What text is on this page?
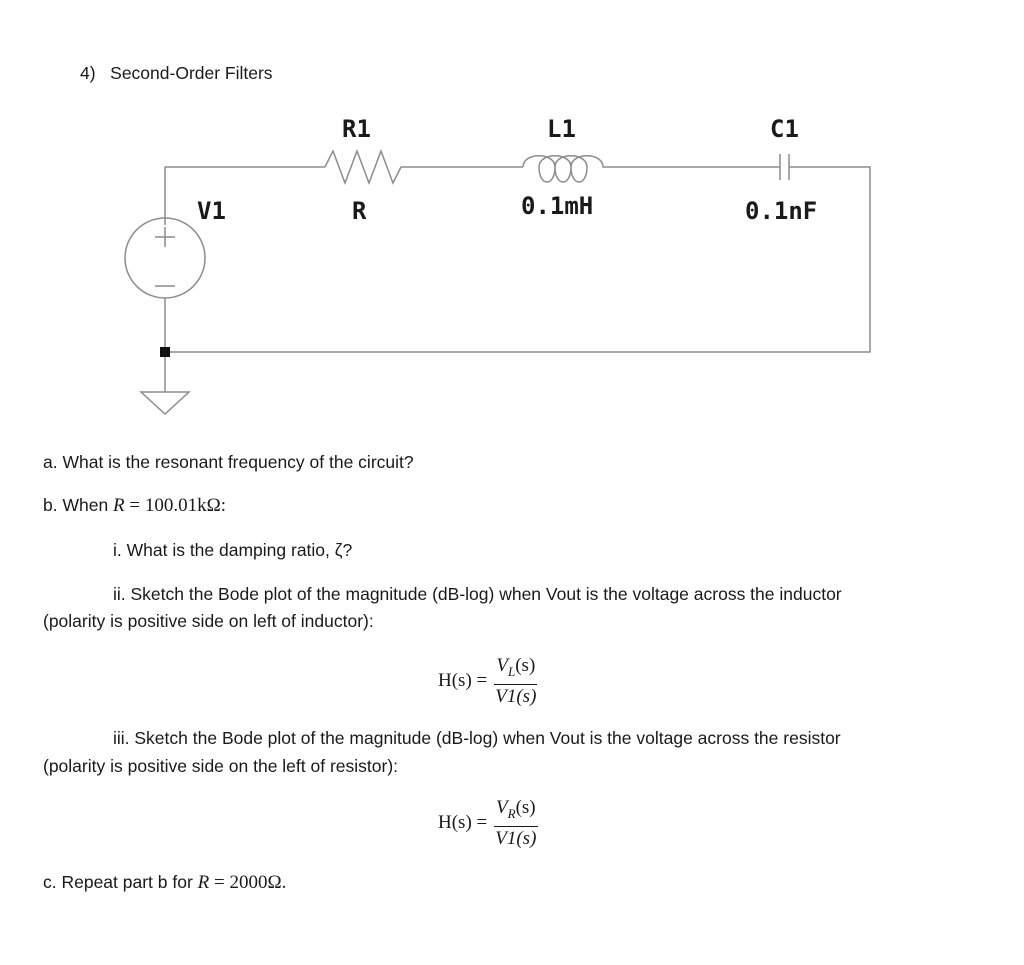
4)   Second-Order Filters
V1
R1
R
L1
0.1mH
C1
0.1nF
a. What is the resonant frequency of the circuit?
b. When R = 100.01kΩ:
i. What is the damping ratio, ζ?
ii. Sketch the Bode plot of the magnitude (dB-log) when Vout is the voltage across the inductor
(polarity is positive side on left of inductor):
$H(s) = \frac{V_L(s)}{V1(s)}$
iii. Sketch the Bode plot of the magnitude (dB-log) when Vout is the voltage across the resistor
(polarity is positive side on the left of resistor):
$H(s) = \frac{V_R(s)}{V1(s)}$
c. Repeat part b for R = 2000Ω.
